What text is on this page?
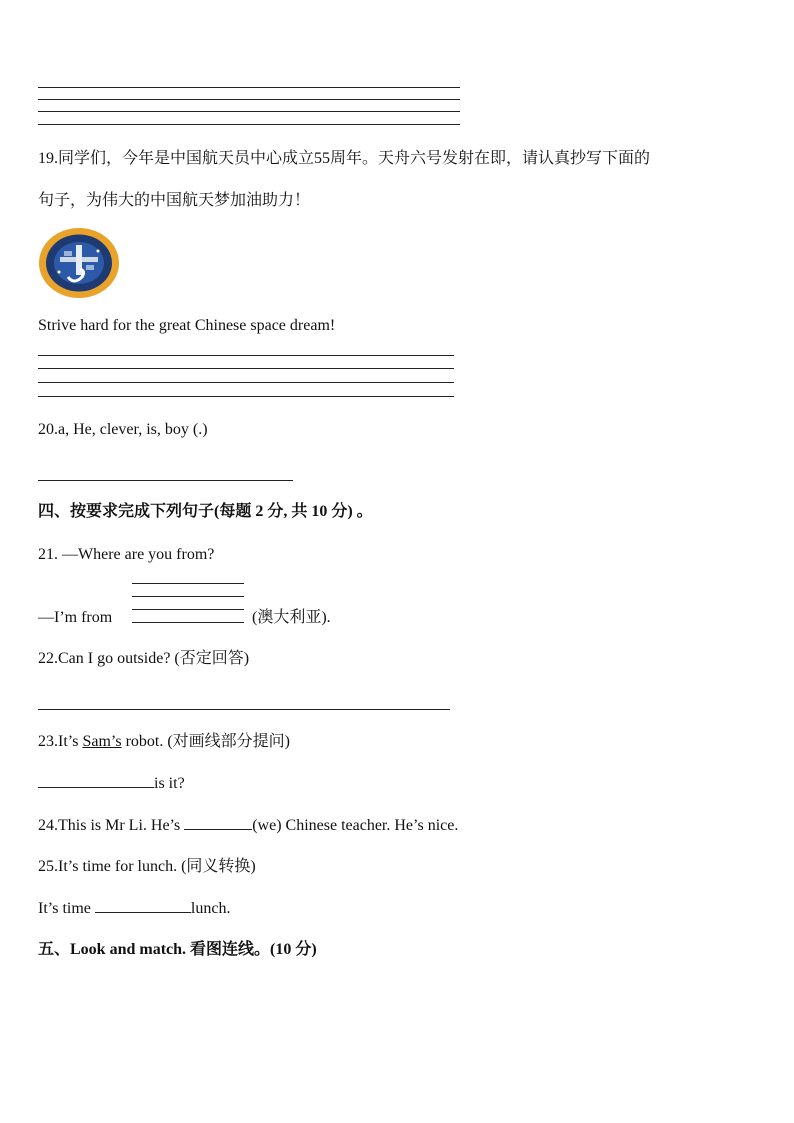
19.同学们，今年是中国航天员中心成立55周年。天舟六号发射在即，请认真抄写下面的
句子，为伟大的中国航天梦加油助力！
Strive hard for the great Chinese space dream!
20.a, He, clever, is, boy (.)
四、按要求完成下列句子(每题 2 分, 共 10 分) 。
21. —Where are you from?
—I’m from	(澳大利亚).
22.Can I go outside? (否定回答)
23.It’s Sam’s robot. (对画线部分提问)
is it?
24.This is Mr Li. He’s	(we) Chinese teacher. He’s nice.
25.It’s time for lunch. (同义转换)
It’s time	lunch.
五、Look and match. 看图连线。(10 分)
